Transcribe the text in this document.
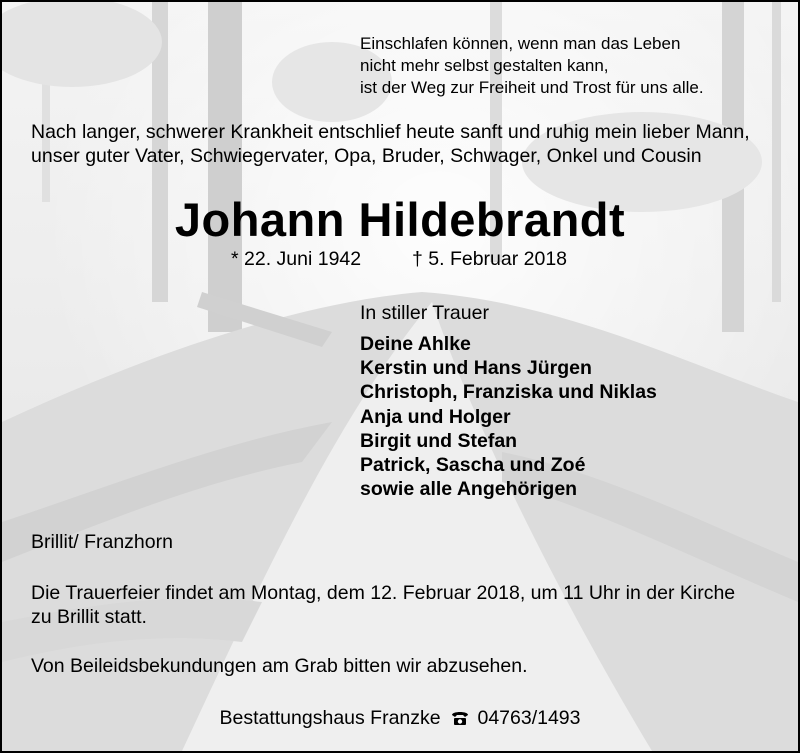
Einschlafen können, wenn man das Leben
nicht mehr selbst gestalten kann,
ist der Weg zur Freiheit und Trost für uns alle.
Nach langer, schwerer Krankheit entschlief heute sanft und ruhig mein lieber Mann, unser guter Vater, Schwiegervater, Opa, Bruder, Schwager, Onkel und Cousin
Johann Hildebrandt
* 22. Juni 1942	† 5. Februar 2018
In stiller Trauer
Deine Ahlke
Kerstin und Hans Jürgen
Christoph, Franziska und Niklas
Anja und Holger
Birgit und Stefan
Patrick, Sascha und Zoé
sowie alle Angehörigen
Brillit/ Franzhorn
Die Trauerfeier findet am Montag, dem 12. Februar 2018, um 11 Uhr in der Kirche zu Brillit statt.
Von Beileidsbekundungen am Grab bitten wir abzusehen.
Bestattungshaus Franzke 04763/1493
